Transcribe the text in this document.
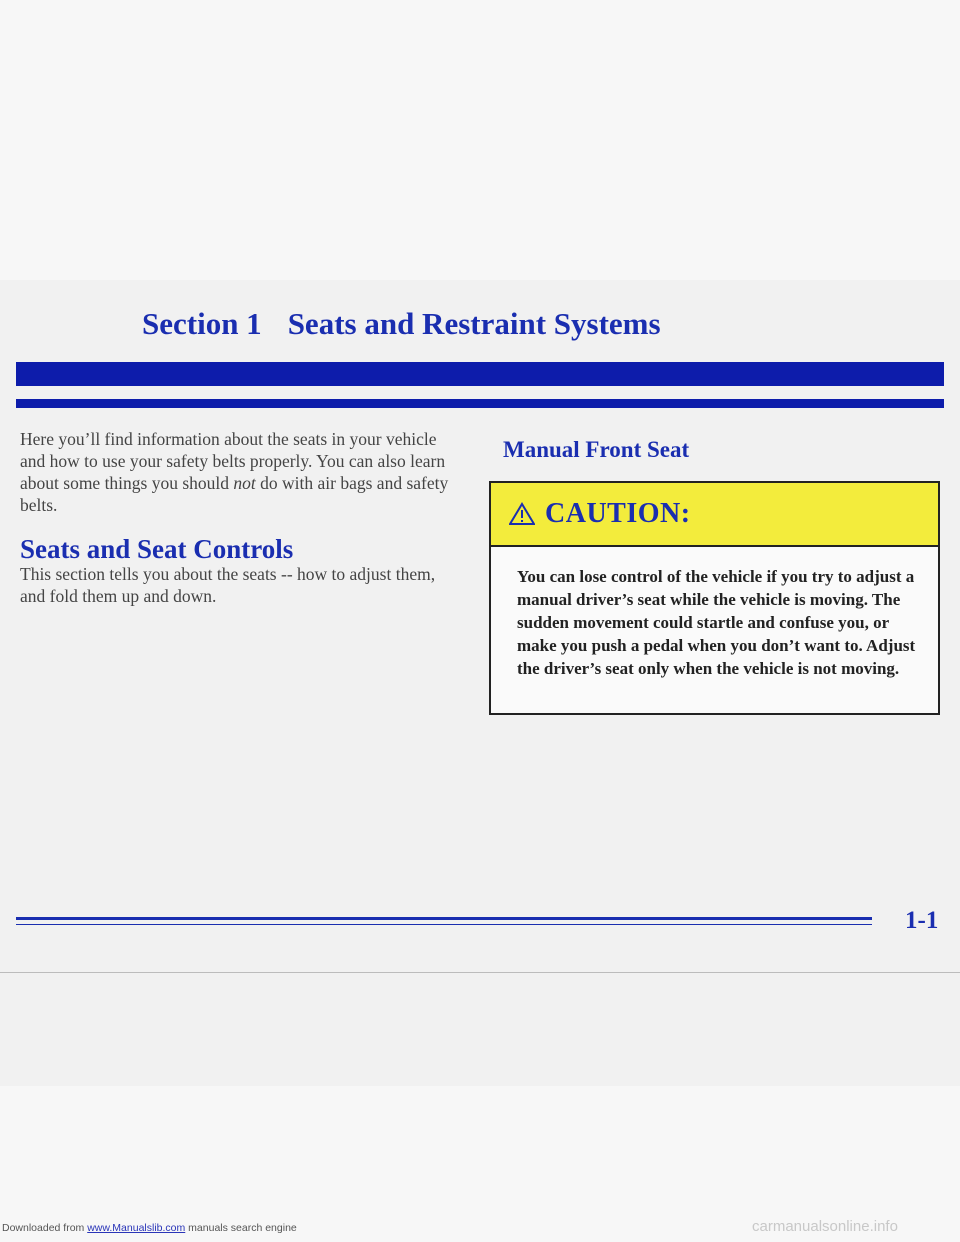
Section 1 Seats and Restraint Systems

Here you’ll find information about the seats in your vehicle and how to use your safety belts properly. You can also learn about some things you should not do with air bags and safety belts.

Seats and Seat Controls

This section tells you about the seats -- how to adjust them, and fold them up and down.

Manual Front Seat
CAUTION:

You can lose control of the vehicle if you try to adjust a manual driver’s seat while the vehicle is moving. The sudden movement could startle and confuse you, or make you push a pedal when you don’t want to. Adjust the driver’s seat only when the vehicle is not moving.

1-1

Downloaded from www.Manualslib.com manuals search engine	carmanualsonline.info
